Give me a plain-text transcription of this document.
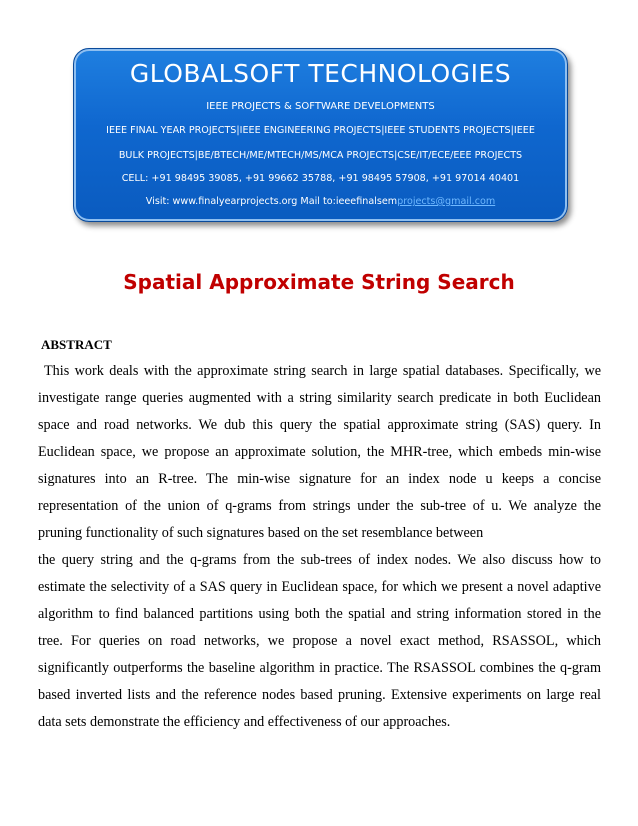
GLOBALSOFT TECHNOLOGIES
IEEE PROJECTS & SOFTWARE DEVELOPMENTS
IEEE FINAL YEAR PROJECTS|IEEE ENGINEERING PROJECTS|IEEE STUDENTS PROJECTS|IEEE
BULK PROJECTS|BE/BTECH/ME/MTECH/MS/MCA PROJECTS|CSE/IT/ECE/EEE PROJECTS
CELL: +91 98495 39085, +91 99662 35788, +91 98495 57908, +91 97014 40401
Visit: www.finalyearprojects.org Mail to:ieeefinalsemprojects@gmail.com
Spatial Approximate String Search
ABSTRACT

This work deals with the approximate string search in large spatial databases. Specifically, we investigate range queries augmented with a string similarity search predicate in both Euclidean space and road networks. We dub this query the spatial approximate string (SAS) query. In Euclidean space, we propose an approximate solution, the MHR-tree, which embeds min-wise signatures into an R-tree. The min-wise signature for an index node u keeps a concise representation of the union of q-grams from strings under the sub-tree of u. We analyze the pruning functionality of such signatures based on the set resemblance between

the query string and the q-grams from the sub-trees of index nodes. We also discuss how to estimate the selectivity of a SAS query in Euclidean space, for which we present a novel adaptive algorithm to find balanced partitions using both the spatial and string information stored in the tree. For queries on road networks, we propose a novel exact method, RSASSOL, which significantly outperforms the baseline algorithm in practice. The RSASSOL combines the q-gram based inverted lists and the reference nodes based pruning. Extensive experiments on large real data sets demonstrate the efficiency and effectiveness of our approaches.
